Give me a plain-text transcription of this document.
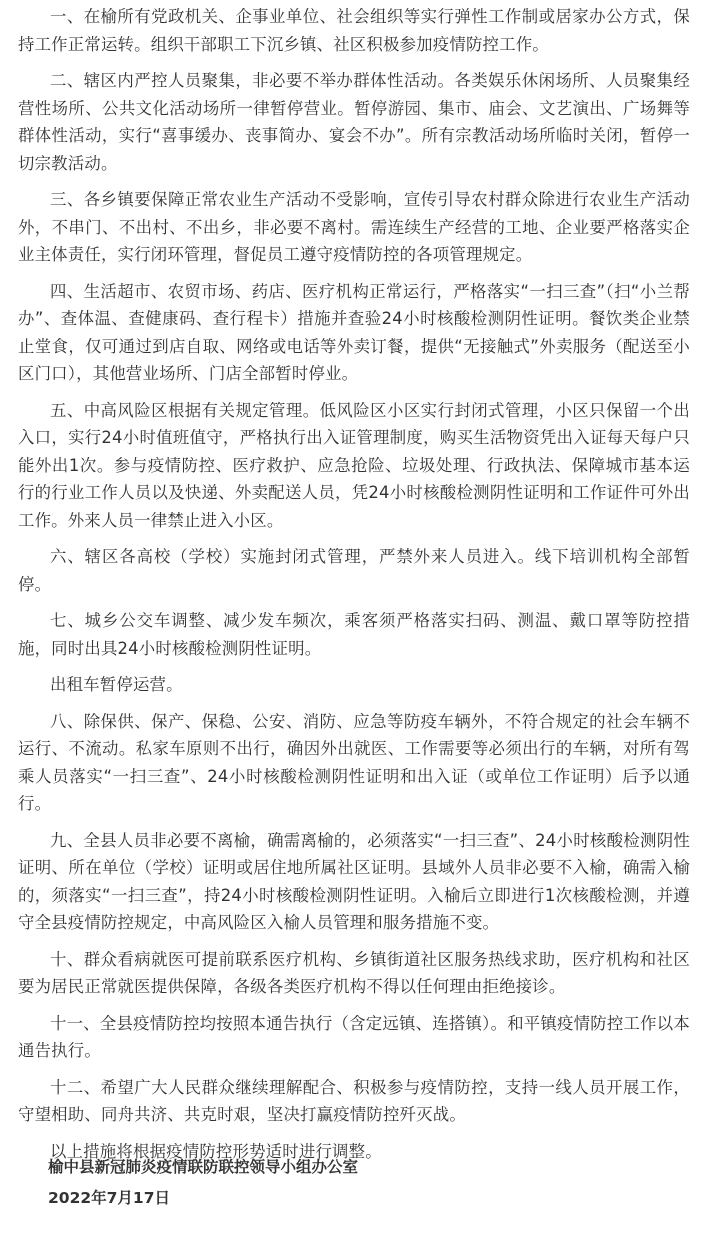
一、在榆所有党政机关、企事业单位、社会组织等实行弹性工作制或居家办公方式，保持工作正常运转。组织干部职工下沉乡镇、社区积极参加疫情防控工作。

二、辖区内严控人员聚集，非必要不举办群体性活动。各类娱乐休闲场所、人员聚集经营性场所、公共文化活动场所一律暂停营业。暂停游园、集市、庙会、文艺演出、广场舞等群体性活动，实行“喜事缓办、丧事简办、宴会不办”。所有宗教活动场所临时关闭，暂停一切宗教活动。

三、各乡镇要保障正常农业生产活动不受影响，宣传引导农村群众除进行农业生产活动外，不串门、不出村、不出乡，非必要不离村。需连续生产经营的工地、企业要严格落实企业主体责任，实行闭环管理，督促员工遵守疫情防控的各项管理规定。

四、生活超市、农贸市场、药店、医疗机构正常运行，严格落实“一扫三查”（扫“小兰帮办”、查体温、查健康码、查行程卡）措施并查验24小时核酸检测阴性证明。餐饮类企业禁止堂食，仅可通过到店自取、网络或电话等外卖订餐，提供“无接触式”外卖服务（配送至小区门口），其他营业场所、门店全部暂时停业。

五、中高风险区根据有关规定管理。低风险区小区实行封闭式管理，小区只保留一个出入口，实行24小时值班值守，严格执行出入证管理制度，购买生活物资凭出入证每天每户只能外出1次。参与疫情防控、医疗救护、应急抢险、垃圾处理、行政执法、保障城市基本运行的行业工作人员以及快递、外卖配送人员，凭24小时核酸检测阴性证明和工作证件可外出工作。外来人员一律禁止进入小区。

六、辖区各高校（学校）实施封闭式管理，严禁外来人员进入。线下培训机构全部暂停。

七、城乡公交车调整、减少发车频次，乘客须严格落实扫码、测温、戴口罩等防控措施，同时出具24小时核酸检测阴性证明。

出租车暂停运营。

八、除保供、保产、保稳、公安、消防、应急等防疫车辆外，不符合规定的社会车辆不运行、不流动。私家车原则不出行，确因外出就医、工作需要等必须出行的车辆，对所有驾乘人员落实“一扫三查”、24小时核酸检测阴性证明和出入证（或单位工作证明）后予以通行。

九、全县人员非必要不离榆，确需离榆的，必须落实“一扫三查”、24小时核酸检测阴性证明、所在单位（学校）证明或居住地所属社区证明。县域外人员非必要不入榆，确需入榆的，须落实“一扫三查”，持24小时核酸检测阴性证明。入榆后立即进行1次核酸检测，并遵守全县疫情防控规定，中高风险区入榆人员管理和服务措施不变。

十、群众看病就医可提前联系医疗机构、乡镇街道社区服务热线求助，医疗机构和社区要为居民正常就医提供保障，各级各类医疗机构不得以任何理由拒绝接诊。

十一、全县疫情防控均按照本通告执行（含定远镇、连搭镇）。和平镇疫情防控工作以本通告执行。

十二、希望广大人民群众继续理解配合、积极参与疫情防控，支持一线人员开展工作，守望相助、同舟共济、共克时艰，坚决打赢疫情防控歼灭战。

以上措施将根据疫情防控形势适时进行调整。

榆中县新冠肺炎疫情联防联控领导小组办公室
2022年7月17日
